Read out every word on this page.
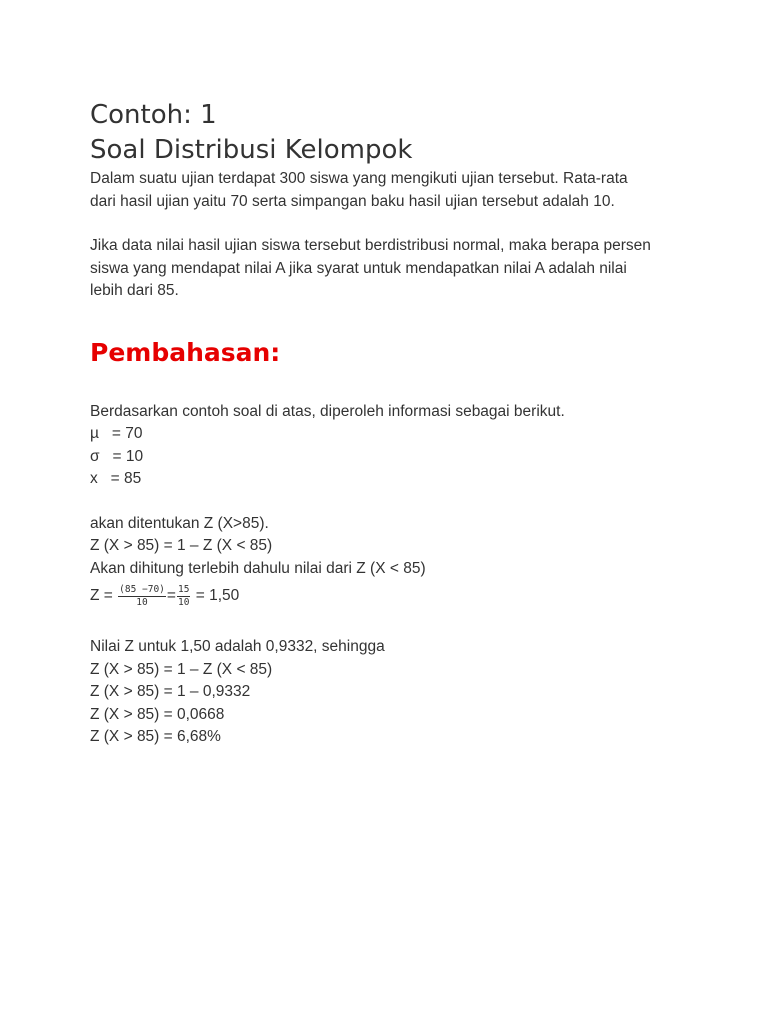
Contoh: 1
Soal Distribusi Kelompok
Dalam suatu ujian terdapat 300 siswa yang mengikuti ujian tersebut. Rata-rata
dari hasil ujian yaitu 70 serta simpangan baku hasil ujian tersebut adalah 10.
Jika data nilai hasil ujian siswa tersebut berdistribusi normal, maka berapa persen
siswa yang mendapat nilai A jika syarat untuk mendapatkan nilai A adalah nilai
lebih dari 85.
Pembahasan:
Berdasarkan contoh soal di atas, diperoleh informasi sebagai berikut.
µ   = 70
σ   = 10
x   = 85
akan ditentukan Z (X>85).
Z (X > 85) = 1 – Z (X < 85)
Akan dihitung terlebih dahulu nilai dari Z (X < 85)
$Z = \frac{(85 -70)}{10} = \frac{15}{10} = 1,50$
Nilai Z untuk 1,50 adalah 0,9332, sehingga
Z (X > 85) = 1 – Z (X < 85)
Z (X > 85) = 1 – 0,9332
Z (X > 85) = 0,0668
Z (X > 85) = 6,68%
